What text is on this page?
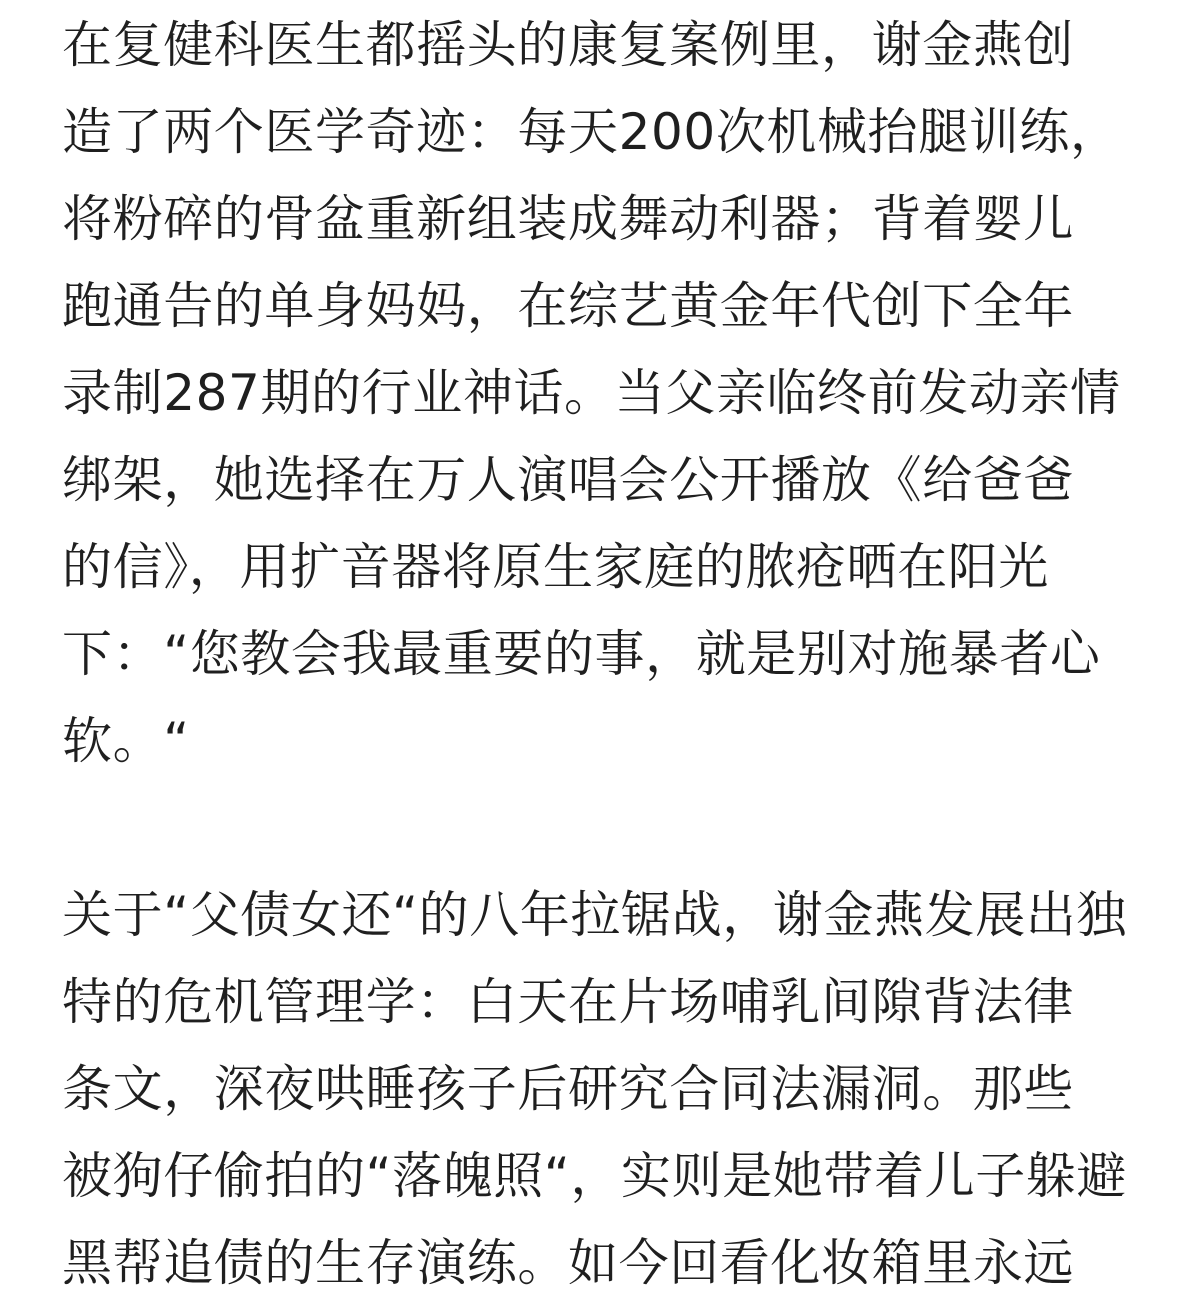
在复健科医生都摇头的康复案例里，谢金燕创
造了两个医学奇迹：每天200次机械抬腿训练，
将粉碎的骨盆重新组装成舞动利器；背着婴儿
跑通告的单身妈妈，在综艺黄金年代创下全年
录制287期的行业神话。当父亲临终前发动亲情
绑架，她选择在万人演唱会公开播放《给爸爸
的信》，用扩音器将原生家庭的脓疮晒在阳光
下：“您教会我最重要的事，就是别对施暴者心
软。“

关于“父债女还“的八年拉锯战，谢金燕发展出独
特的危机管理学：白天在片场哺乳间隙背法律
条文，深夜哄睡孩子后研究合同法漏洞。那些
被狗仔偷拍的“落魄照“，实则是她带着儿子躲避
黑帮追债的生存演练。如今回看化妆箱里永远
